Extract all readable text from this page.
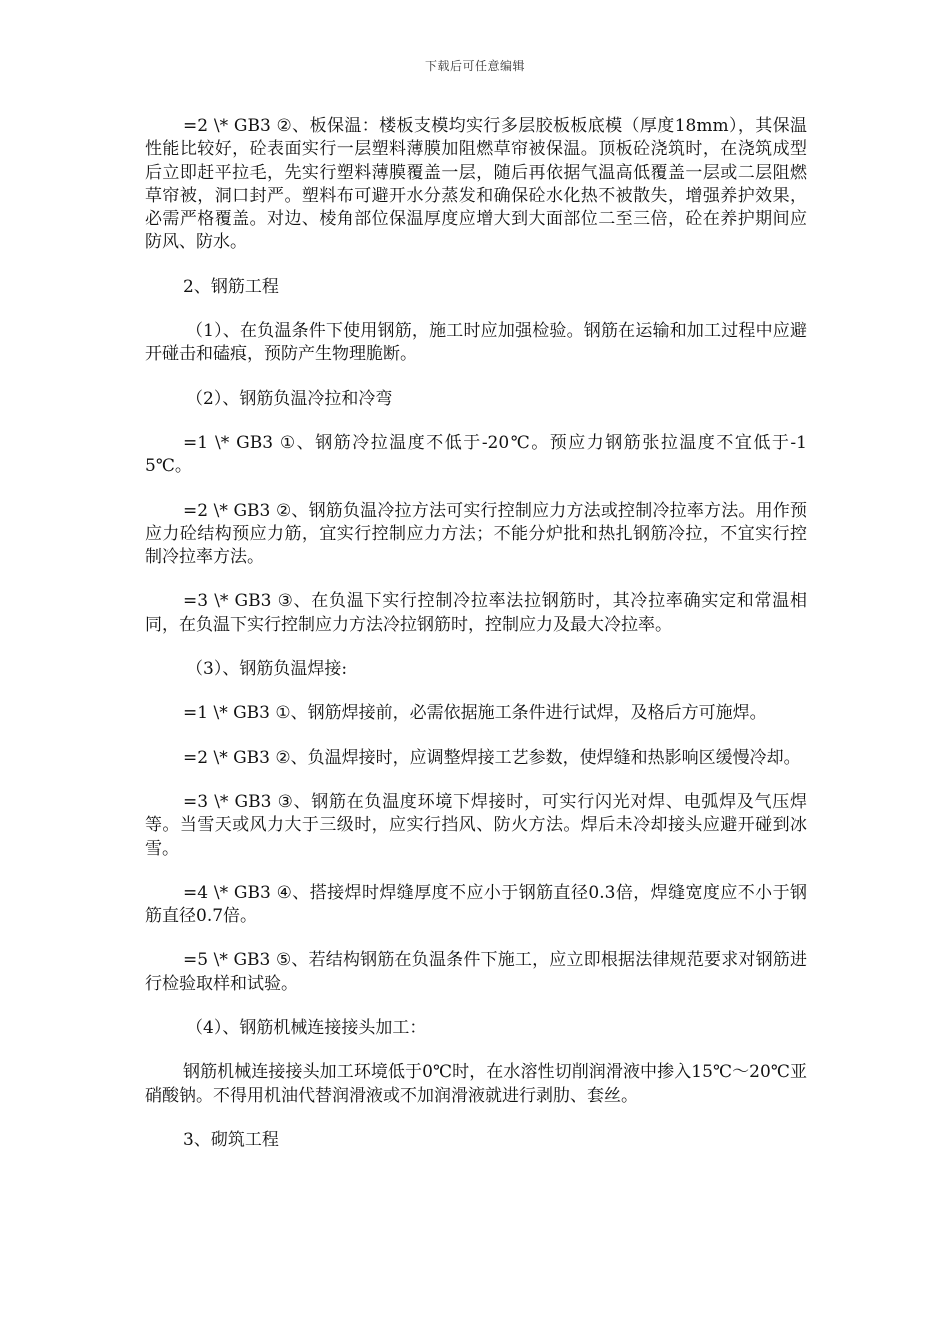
下载后可任意编辑

=2 \* GB3 ②、板保温：楼板支模均实行多层胶板板底模（厚度18mm），其保温性能比较好，砼表面实行一层塑料薄膜加阻燃草帘被保温。顶板砼浇筑时，在浇筑成型后立即赶平拉毛，先实行塑料薄膜覆盖一层，随后再依据气温高低覆盖一层或二层阻燃草帘被，洞口封严。塑料布可避开水分蒸发和确保砼水化热不被散失，增强养护效果，必需严格覆盖。对边、棱角部位保温厚度应增大到大面部位二至三倍，砼在养护期间应防风、防水。

2、钢筋工程

（1）、在负温条件下使用钢筋，施工时应加强检验。钢筋在运输和加工过程中应避开碰击和磕痕，预防产生物理脆断。

（2）、钢筋负温冷拉和冷弯

=1 \* GB3 ①、钢筋冷拉温度不低于-20℃。预应力钢筋张拉温度不宜低于-15℃。

=2 \* GB3 ②、钢筋负温冷拉方法可实行控制应力方法或控制冷拉率方法。用作预应力砼结构预应力筋，宜实行控制应力方法；不能分炉批和热扎钢筋冷拉，不宜实行控制冷拉率方法。

=3 \* GB3 ③、在负温下实行控制冷拉率法拉钢筋时，其冷拉率确实定和常温相同，在负温下实行控制应力方法冷拉钢筋时，控制应力及最大冷拉率。

（3）、钢筋负温焊接:

=1 \* GB3 ①、钢筋焊接前，必需依据施工条件进行试焊，及格后方可施焊。

=2 \* GB3 ②、负温焊接时，应调整焊接工艺参数，使焊缝和热影响区缓慢冷却。

=3 \* GB3 ③、钢筋在负温度环境下焊接时，可实行闪光对焊、电弧焊及气压焊等。当雪天或风力大于三级时，应实行挡风、防火方法。焊后未冷却接头应避开碰到冰雪。

=4 \* GB3 ④、搭接焊时焊缝厚度不应小于钢筋直径0.3倍，焊缝宽度应不小于钢筋直径0.7倍。

=5 \* GB3 ⑤、若结构钢筋在负温条件下施工，应立即根据法律规范要求对钢筋进行检验取样和试验。

（4）、钢筋机械连接接头加工：

钢筋机械连接接头加工环境低于0℃时，在水溶性切削润滑液中掺入15℃～20℃亚硝酸钠。不得用机油代替润滑液或不加润滑液就进行剥肋、套丝。

3、砌筑工程
